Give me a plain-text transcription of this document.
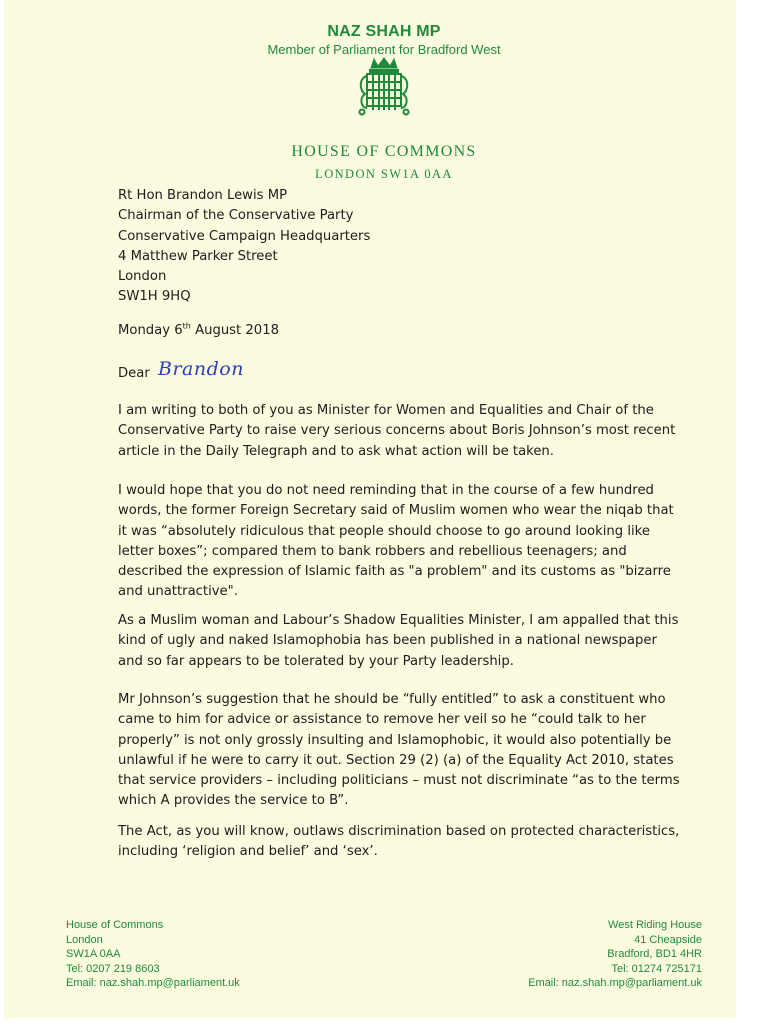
NAZ SHAH MP
Member of Parliament for Bradford West
HOUSE OF COMMONS
LONDON SW1A 0AA
Rt Hon Brandon Lewis MP
Chairman of the Conservative Party
Conservative Campaign Headquarters
4 Matthew Parker Street
London
SW1H 9HQ
Monday 6th August 2018
Dear Brandon
I am writing to both of you as Minister for Women and Equalities and Chair of the
Conservative Party to raise very serious concerns about Boris Johnson’s most recent
article in the Daily Telegraph and to ask what action will be taken.
I would hope that you do not need reminding that in the course of a few hundred
words, the former Foreign Secretary said of Muslim women who wear the niqab that
it was “absolutely ridiculous that people should choose to go around looking like
letter boxes”; compared them to bank robbers and rebellious teenagers; and
described the expression of Islamic faith as "a problem" and its customs as "bizarre
and unattractive".
As a Muslim woman and Labour’s Shadow Equalities Minister, I am appalled that this
kind of ugly and naked Islamophobia has been published in a national newspaper
and so far appears to be tolerated by your Party leadership.
Mr Johnson’s suggestion that he should be “fully entitled” to ask a constituent who
came to him for advice or assistance to remove her veil so he “could talk to her
properly” is not only grossly insulting and Islamophobic, it would also potentially be
unlawful if he were to carry it out. Section 29 (2) (a) of the Equality Act 2010, states
that service providers – including politicians – must not discriminate “as to the terms
which A provides the service to B”.
The Act, as you will know, outlaws discrimination based on protected characteristics,
including ‘religion and belief’ and ‘sex’.
House of Commons
London
SW1A 0AA
Tel: 0207 219 8603
Email: naz.shah.mp@parliament.uk
West Riding House
41 Cheapside
Bradford, BD1 4HR
Tel: 01274 725171
Email: naz.shah.mp@parliament.uk
